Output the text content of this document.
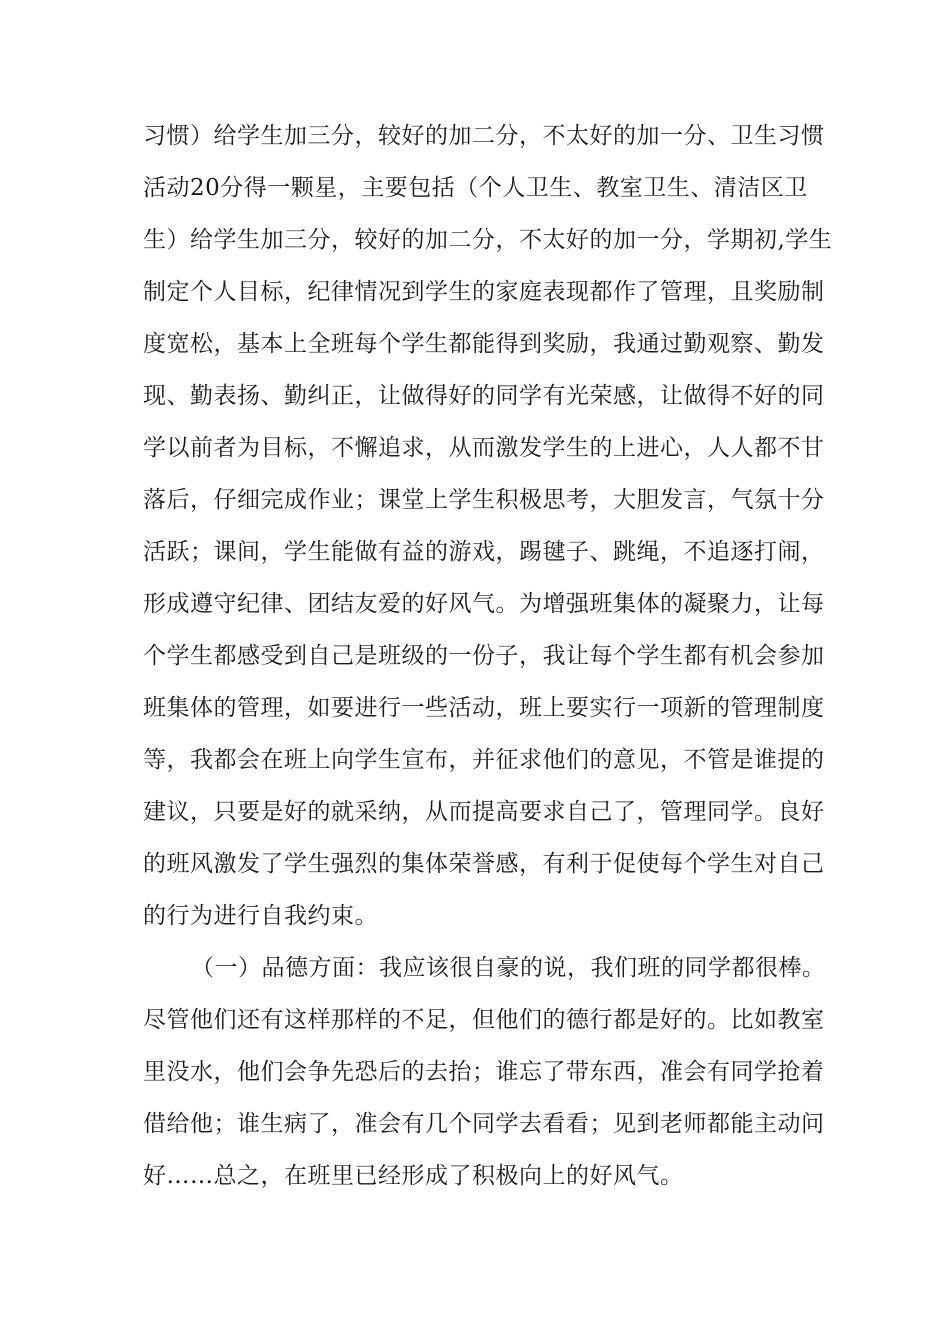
习惯）给学生加三分，较好的加二分，不太好的加一分、卫生习惯
活动20分得一颗星，主要包括（个人卫生、教室卫生、清洁区卫
生）给学生加三分，较好的加二分，不太好的加一分，学期初,学生
制定个人目标，纪律情况到学生的家庭表现都作了管理，且奖励制
度宽松，基本上全班每个学生都能得到奖励，我通过勤观察、勤发
现、勤表扬、勤纠正，让做得好的同学有光荣感，让做得不好的同
学以前者为目标，不懈追求，从而激发学生的上进心，人人都不甘
落后，仔细完成作业；课堂上学生积极思考，大胆发言，气氛十分
活跃；课间，学生能做有益的游戏，踢毽子、跳绳，不追逐打闹，
形成遵守纪律、团结友爱的好风气。为增强班集体的凝聚力，让每
个学生都感受到自己是班级的一份子，我让每个学生都有机会参加
班集体的管理，如要进行一些活动，班上要实行一项新的管理制度
等，我都会在班上向学生宣布，并征求他们的意见，不管是谁提的
建议，只要是好的就采纳，从而提高要求自己了，管理同学。良好
的班风激发了学生强烈的集体荣誉感，有利于促使每个学生对自己
的行为进行自我约束。
（一）品德方面：我应该很自豪的说，我们班的同学都很棒。
尽管他们还有这样那样的不足，但他们的德行都是好的。比如教室
里没水，他们会争先恐后的去抬；谁忘了带东西，准会有同学抢着
借给他；谁生病了，准会有几个同学去看看；见到老师都能主动问
好……总之，在班里已经形成了积极向上的好风气。
